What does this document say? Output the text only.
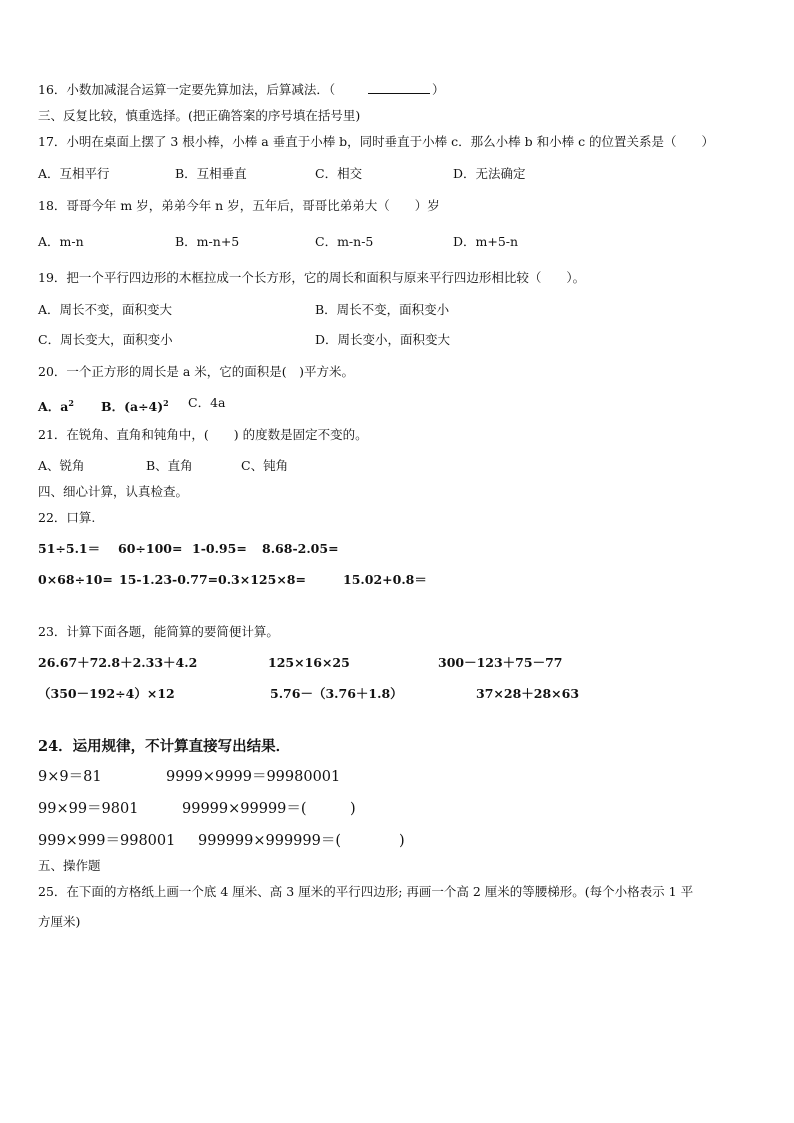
16．小数加减混合运算一定要先算加法，后算减法．（	）
三、反复比较，慎重选择。(把正确答案的序号填在括号里)
17．小明在桌面上摆了 3 根小棒，小棒 a 垂直于小棒 b，同时垂直于小棒 c．那么小棒 b 和小棒 c 的位置关系是（　　）
A．互相平行	B．互相垂直	C．相交	D．无法确定
18．哥哥今年 m 岁，弟弟今年 n 岁，五年后，哥哥比弟弟大（　　）岁
A．m-n	B．m-n+5	C．m-n-5	D．m+5-n
19．把一个平行四边形的木框拉成一个长方形，它的周长和面积与原来平行四边形相比较（　　）。
A．周长不变，面积变大	B．周长不变，面积变小
C．周长变大，面积变小	D．周长变小，面积变大
20．一个正方形的周长是 a 米，它的面积是(　)平方米。
A．$a^2$ B．$(a\div 4)^2$ C．4a
21．在锐角、直角和钝角中，(　　) 的度数是固定不变的。
A、锐角	B、直角	C、钝角
四、细心计算，认真检查。
22．口算.
51÷5.1＝ 60÷100= 1-0.95= 8.68-2.05=
0×68÷10= 15-1.23-0.77= 0.3×125×8=	15.02+0.8＝
23．计算下面各题，能简算的要简便计算。
26.67＋72.8＋2.33＋4.2	125×16×25	300－123＋75－77
（350－192÷4）×12	5.76－（3.76＋1.8）	37×28＋28×63
24．运用规律，不计算直接写出结果．
9×9＝81	9999×9999＝99980001
99×99＝9801	99999×99999＝(　　　)
999×999＝998001 999999×999999＝(　　　　)
五、操作题
25．在下面的方格纸上画一个底 4 厘米、高 3 厘米的平行四边形; 再画一个高 2 厘米的等腰梯形。(每个小格表示 1 平
方厘米)
